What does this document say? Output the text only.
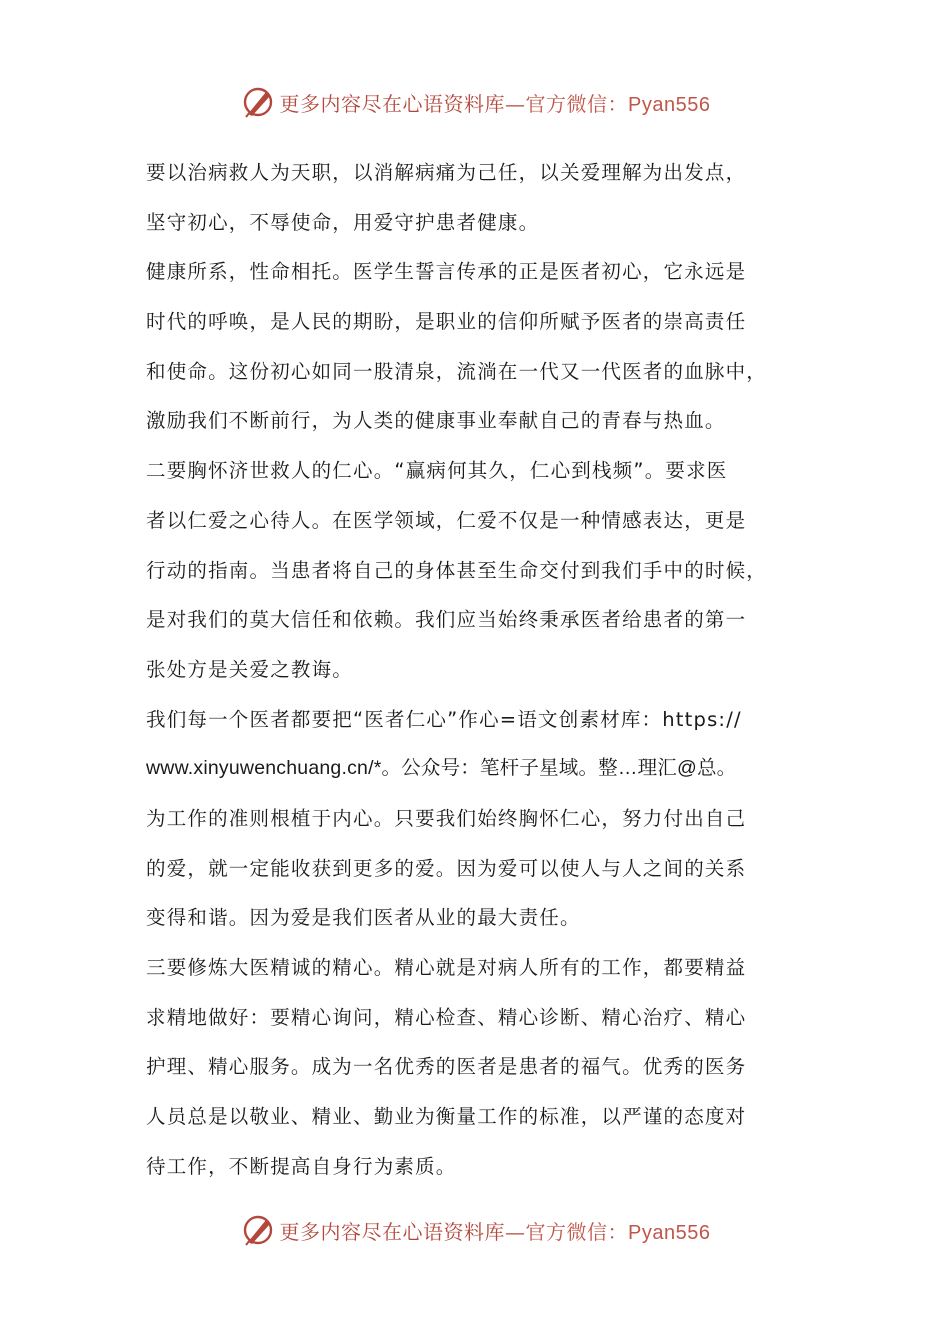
更多内容尽在心语资料库—官方微信：Pyan556
要以治病救人为天职，以消解病痛为己任，以关爱理解为出发点，
坚守初心，不辱使命，用爱守护患者健康。
健康所系，性命相托。医学生誓言传承的正是医者初心，它永远是
时代的呼唤，是人民的期盼，是职业的信仰所赋予医者的崇高责任
和使命。这份初心如同一股清泉，流淌在一代又一代医者的血脉中，
激励我们不断前行，为人类的健康事业奉献自己的青春与热血。
二要胸怀济世救人的仁心。“赢病何其久，仁心到栈频”。要求医
者以仁爱之心待人。在医学领域，仁爱不仅是一种情感表达，更是
行动的指南。当患者将自己的身体甚至生命交付到我们手中的时候，
是对我们的莫大信任和依赖。我们应当始终秉承医者给患者的第一
张处方是关爱之教诲。
我们每一个医者都要把“医者仁心”作心=语文创素材库：https://
www.xinyuwenchuang.cn/*。公众号：笔杆子星域。整…理汇@总。
为工作的准则根植于内心。只要我们始终胸怀仁心，努力付出自己
的爱，就一定能收获到更多的爱。因为爱可以使人与人之间的关系
变得和谐。因为爱是我们医者从业的最大责任。
三要修炼大医精诚的精心。精心就是对病人所有的工作，都要精益
求精地做好：要精心询问，精心检查、精心诊断、精心治疗、精心
护理、精心服务。成为一名优秀的医者是患者的福气。优秀的医务
人员总是以敬业、精业、勤业为衡量工作的标准，以严谨的态度对
待工作，不断提高自身行为素质。
更多内容尽在心语资料库—官方微信：Pyan556
